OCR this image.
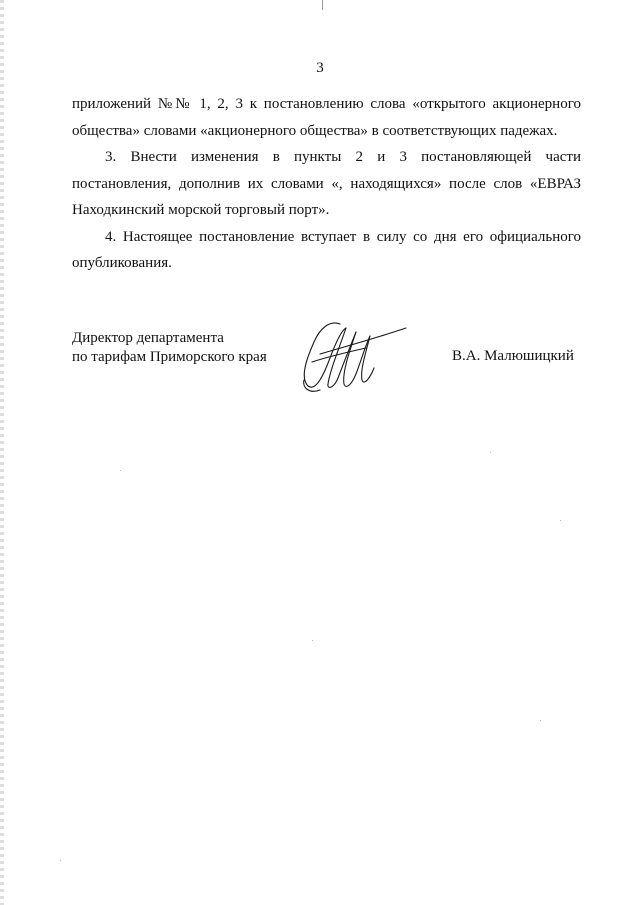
3

приложений №№ 1, 2, 3 к постановлению слова «открытого акционерного общества» словами «акционерного общества» в соответствующих падежах.

3. Внести изменения в пункты 2 и 3 постановляющей части постановления, дополнив их словами «, находящихся» после слов «ЕВРАЗ Находкинский морской торговый порт».

4. Настоящее постановление вступает в силу со дня его официального опубликования.

Директор департамента
по тарифам Приморского края	В.А. Малюшицкий
